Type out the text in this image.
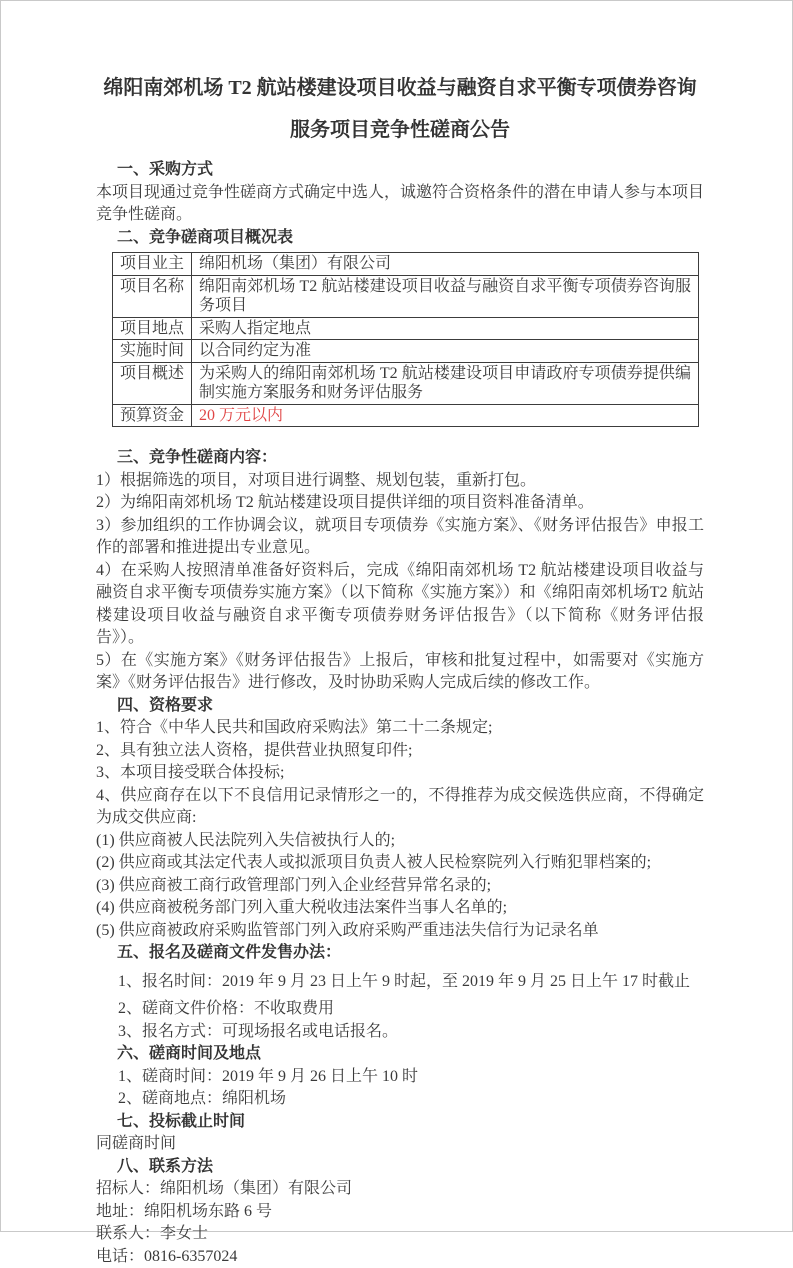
绵阳南郊机场 T2 航站楼建设项目收益与融资自求平衡专项债券咨询
服务项目竞争性磋商公告

一、采购方式

本项目现通过竞争性磋商方式确定中选人，诚邀符合资格条件的潜在申请人参与本项目竞争性磋商。

二、竞争磋商项目概况表

项目业主	绵阳机场（集团）有限公司
项目名称	绵阳南郊机场 T2 航站楼建设项目收益与融资自求平衡专项债券咨询服务项目
项目地点	采购人指定地点
实施时间	以合同约定为准
项目概述	为采购人的绵阳南郊机场 T2 航站楼建设项目申请政府专项债券提供编制实施方案服务和财务评估服务
预算资金	20 万元以内

三、竞争性磋商内容：

1）根据筛选的项目，对项目进行调整、规划包装，重新打包。

2）为绵阳南郊机场 T2 航站楼建设项目提供详细的项目资料准备清单。

3）参加组织的工作协调会议，就项目专项债券《实施方案》、《财务评估报告》申报工作的部署和推进提出专业意见。

4）在采购人按照清单准备好资料后，完成《绵阳南郊机场 T2 航站楼建设项目收益与融资自求平衡专项债券实施方案》（以下简称《实施方案》）和《绵阳南郊机场T2 航站楼建设项目收益与融资自求平衡专项债券财务评估报告》（以下简称《财务评估报告》）。

5）在《实施方案》《财务评估报告》上报后，审核和批复过程中，如需要对《实施方案》《财务评估报告》进行修改，及时协助采购人完成后续的修改工作。

四、资格要求

1、符合《中华人民共和国政府采购法》第二十二条规定;

2、具有独立法人资格，提供营业执照复印件;

3、本项目接受联合体投标;

4、供应商存在以下不良信用记录情形之一的，不得推荐为成交候选供应商，不得确定为成交供应商:

(1) 供应商被人民法院列入失信被执行人的;

(2) 供应商或其法定代表人或拟派项目负责人被人民检察院列入行贿犯罪档案的;

(3) 供应商被工商行政管理部门列入企业经营异常名录的;

(4) 供应商被税务部门列入重大税收违法案件当事人名单的;

(5) 供应商被政府采购监管部门列入政府采购严重违法失信行为记录名单

五、报名及磋商文件发售办法：

1、报名时间：2019 年 9 月 23 日上午 9 时起，至 2019 年 9 月 25 日上午 17 时截止

2、磋商文件价格：不收取费用

3、报名方式：可现场报名或电话报名。

六、磋商时间及地点

1、磋商时间：2019 年 9 月 26 日上午 10 时

2、磋商地点：绵阳机场

七、投标截止时间

同磋商时间

八、联系方法

招标人：绵阳机场（集团）有限公司

地址：绵阳机场东路 6 号

联系人：李女士

电话：0816-6357024
